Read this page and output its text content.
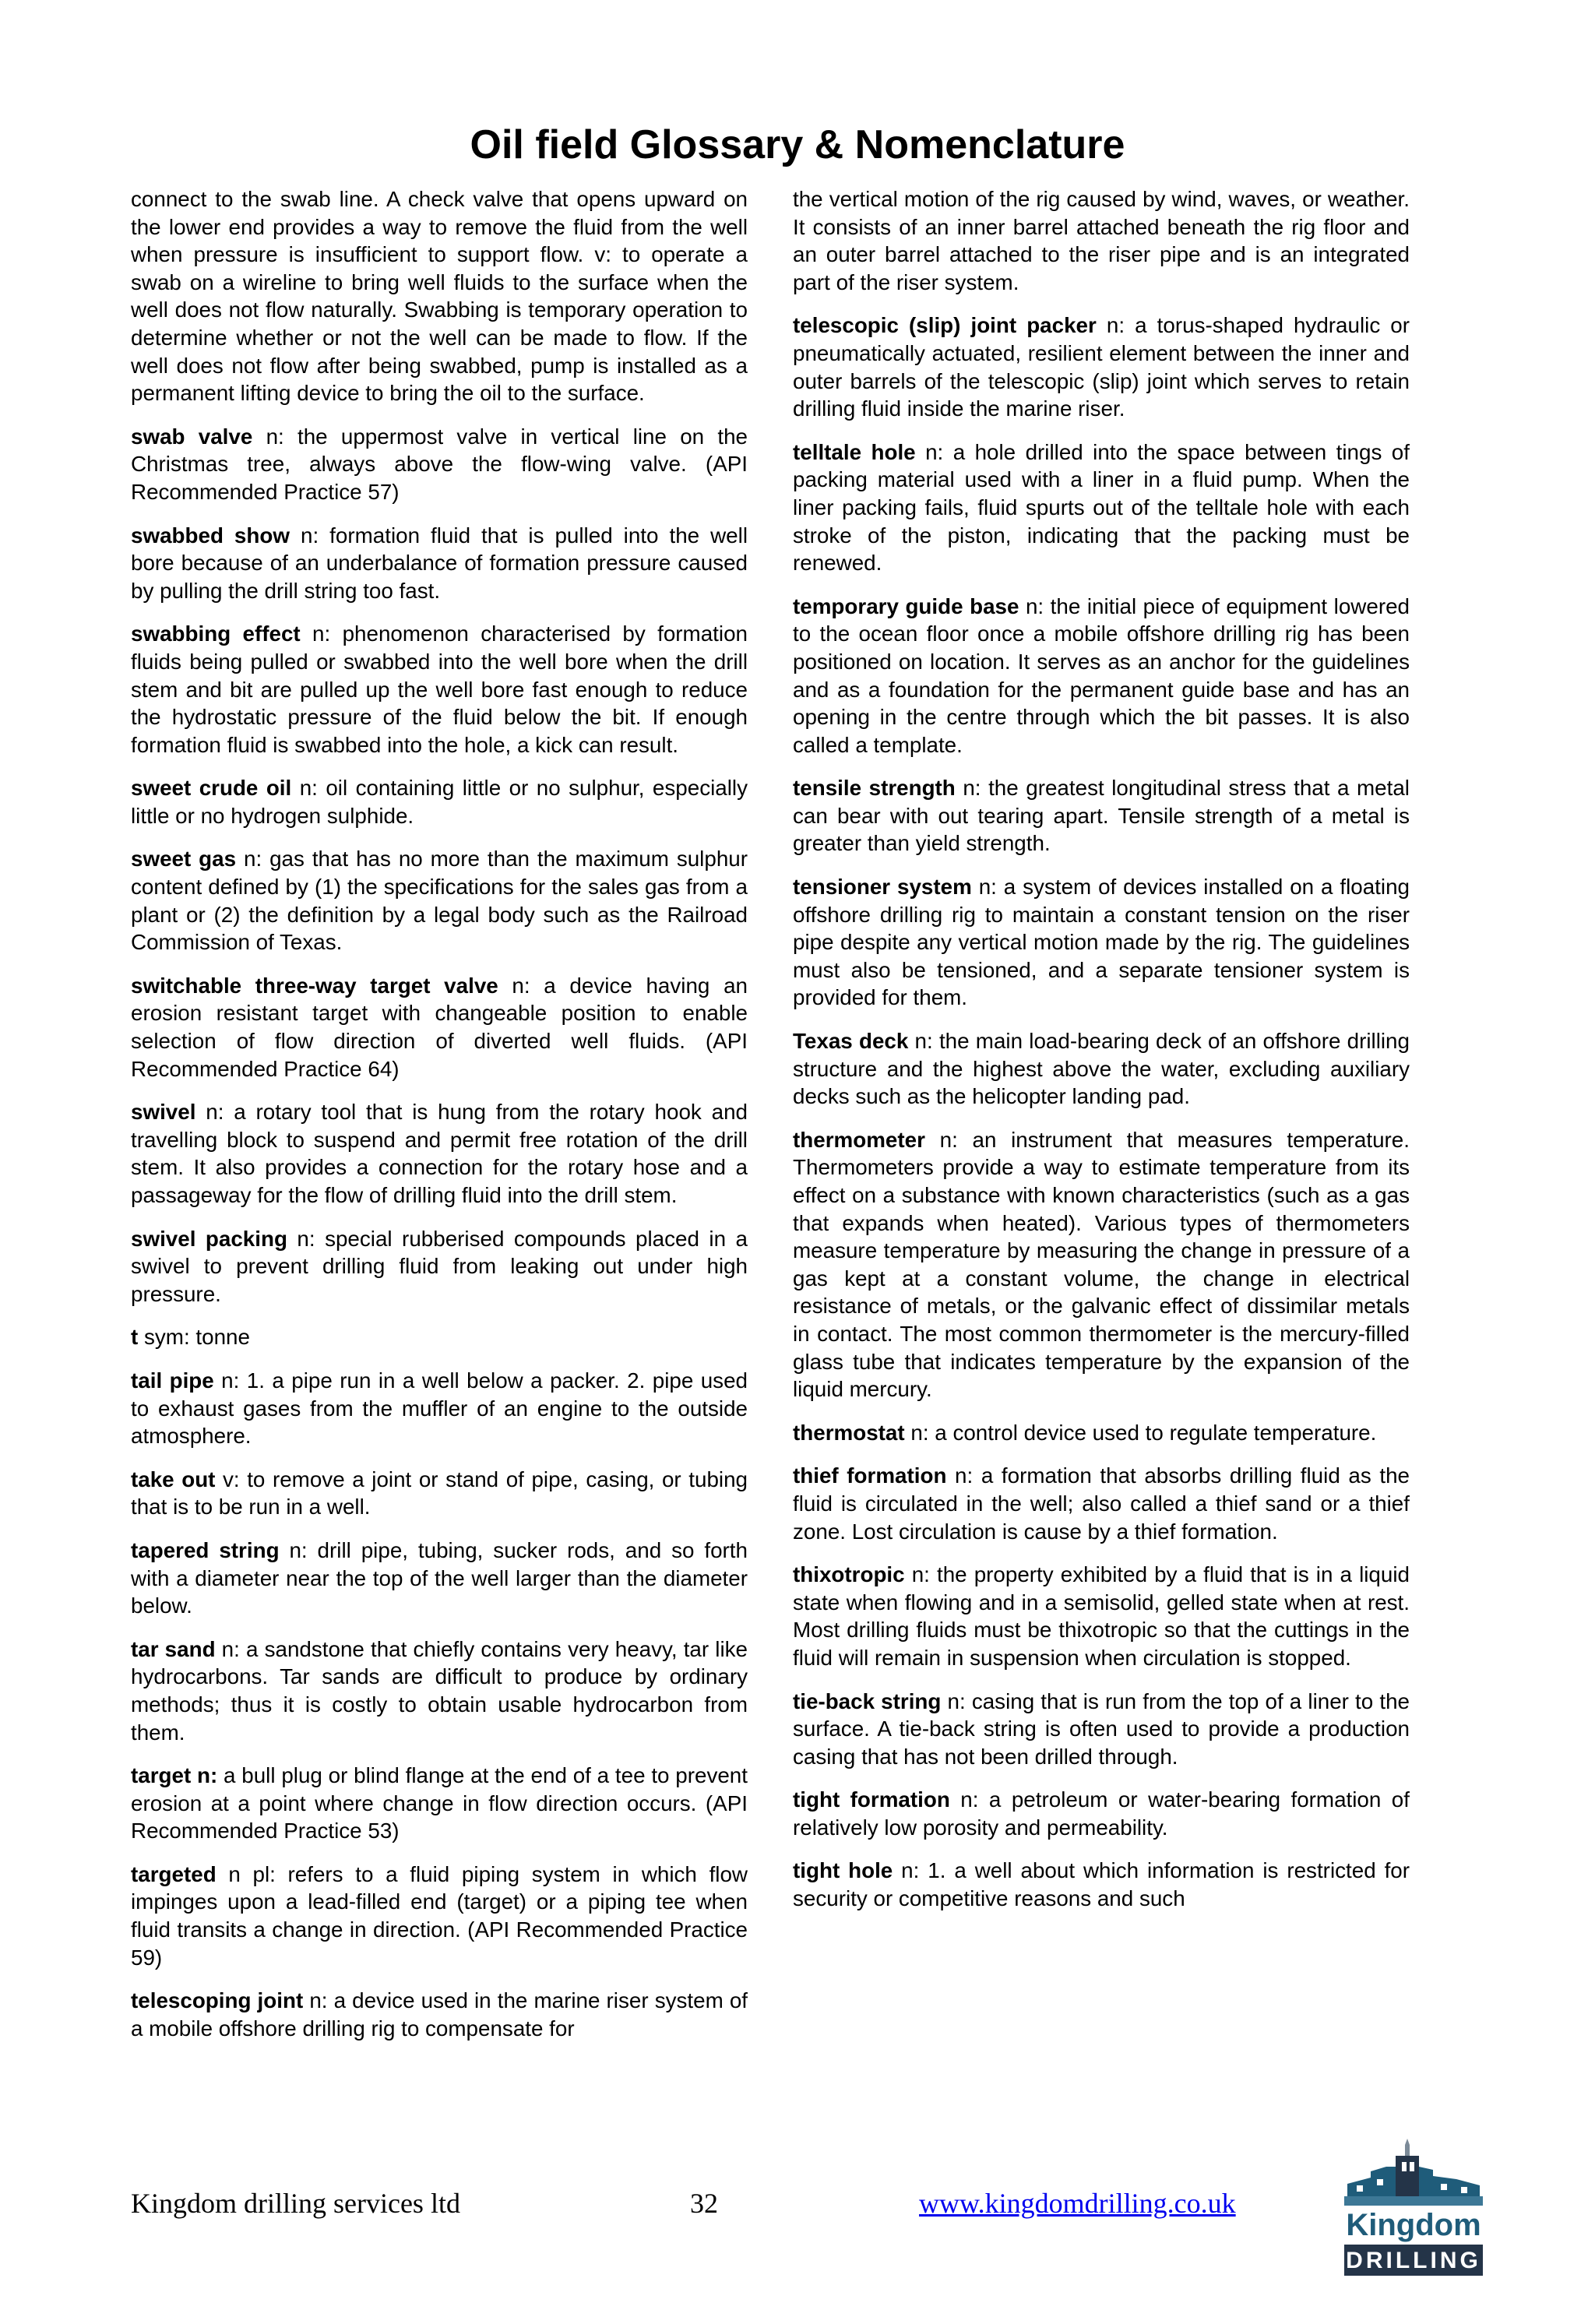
Oil field Glossary & Nomenclature

connect to the swab line. A check valve that opens upward on the lower end provides a way to remove the fluid from the well when pressure is insufficient to support flow. v: to operate a swab on a wireline to bring well fluids to the surface when the well does not flow naturally. Swabbing is temporary operation to determine whether or not the well can be made to flow. If the well does not flow after being swabbed, pump is installed as a permanent lifting device to bring the oil to the surface.

swab valve n: the uppermost valve in vertical line on the Christmas tree, always above the flow-wing valve. (API Recommended Practice 57)

swabbed show n: formation fluid that is pulled into the well bore because of an underbalance of formation pressure caused by pulling the drill string too fast.

swabbing effect n: phenomenon characterised by formation fluids being pulled or swabbed into the well bore when the drill stem and bit are pulled up the well bore fast enough to reduce the hydrostatic pressure of the fluid below the bit. If enough formation fluid is swabbed into the hole, a kick can result.

sweet crude oil n: oil containing little or no sulphur, especially little or no hydrogen sulphide.

sweet gas n: gas that has no more than the maximum sulphur content defined by (1) the specifications for the sales gas from a plant or (2) the definition by a legal body such as the Railroad Commission of Texas.

switchable three-way target valve n: a device having an erosion resistant target with changeable position to enable selection of flow direction of diverted well fluids. (API Recommended Practice 64)

swivel n: a rotary tool that is hung from the rotary hook and travelling block to suspend and permit free rotation of the drill stem. It also provides a connection for the rotary hose and a passageway for the flow of drilling fluid into the drill stem.

swivel packing n: special rubberised compounds placed in a swivel to prevent drilling fluid from leaking out under high pressure.

t sym: tonne

tail pipe n: 1. a pipe run in a well below a packer. 2. pipe used to exhaust gases from the muffler of an engine to the outside atmosphere.

take out v: to remove a joint or stand of pipe, casing, or tubing that is to be run in a well.

tapered string n: drill pipe, tubing, sucker rods, and so forth with a diameter near the top of the well larger than the diameter below.

tar sand n: a sandstone that chiefly contains very heavy, tar like hydrocarbons. Tar sands are difficult to produce by ordinary methods; thus it is costly to obtain usable hydrocarbon from them.

target n: a bull plug or blind flange at the end of a tee to prevent erosion at a point where change in flow direction occurs. (API Recommended Practice 53)

targeted n pl: refers to a fluid piping system in which flow impinges upon a lead-filled end (target) or a piping tee when fluid transits a change in direction. (API Recommended Practice 59)

telescoping joint n: a device used in the marine riser system of a mobile offshore drilling rig to compensate for

the vertical motion of the rig caused by wind, waves, or weather. It consists of an inner barrel attached beneath the rig floor and an outer barrel attached to the riser pipe and is an integrated part of the riser system.

telescopic (slip) joint packer n: a torus-shaped hydraulic or pneumatically actuated, resilient element between the inner and outer barrels of the telescopic (slip) joint which serves to retain drilling fluid inside the marine riser.

telltale hole n: a hole drilled into the space between tings of packing material used with a liner in a fluid pump. When the liner packing fails, fluid spurts out of the telltale hole with each stroke of the piston, indicating that the packing must be renewed.

temporary guide base n: the initial piece of equipment lowered to the ocean floor once a mobile offshore drilling rig has been positioned on location. It serves as an anchor for the guidelines and as a foundation for the permanent guide base and has an opening in the centre through which the bit passes. It is also called a template.

tensile strength n: the greatest longitudinal stress that a metal can bear with out tearing apart. Tensile strength of a metal is greater than yield strength.

tensioner system n: a system of devices installed on a floating offshore drilling rig to maintain a constant tension on the riser pipe despite any vertical motion made by the rig. The guidelines must also be tensioned, and a separate tensioner system is provided for them.

Texas deck n: the main load-bearing deck of an offshore drilling structure and the highest above the water, excluding auxiliary decks such as the helicopter landing pad.

thermometer n: an instrument that measures temperature. Thermometers provide a way to estimate temperature from its effect on a substance with known characteristics (such as a gas that expands when heated). Various types of thermometers measure temperature by measuring the change in pressure of a gas kept at a constant volume, the change in electrical resistance of metals, or the galvanic effect of dissimilar metals in contact. The most common thermometer is the mercury-filled glass tube that indicates temperature by the expansion of the liquid mercury.

thermostat n: a control device used to regulate temperature.

thief formation n: a formation that absorbs drilling fluid as the fluid is circulated in the well; also called a thief sand or a thief zone. Lost circulation is cause by a thief formation.

thixotropic n: the property exhibited by a fluid that is in a liquid state when flowing and in a semisolid, gelled state when at rest. Most drilling fluids must be thixotropic so that the cuttings in the fluid will remain in suspension when circulation is stopped.

tie-back string n: casing that is run from the top of a liner to the surface. A tie-back string is often used to provide a production casing that has not been drilled through.

tight formation n: a petroleum or water-bearing formation of relatively low porosity and permeability.

tight hole n: 1. a well about which information is restricted for security or competitive reasons and such

Kingdom drilling services ltd	32	www.kingdomdrilling.co.uk
Kingdom
DRILLING
